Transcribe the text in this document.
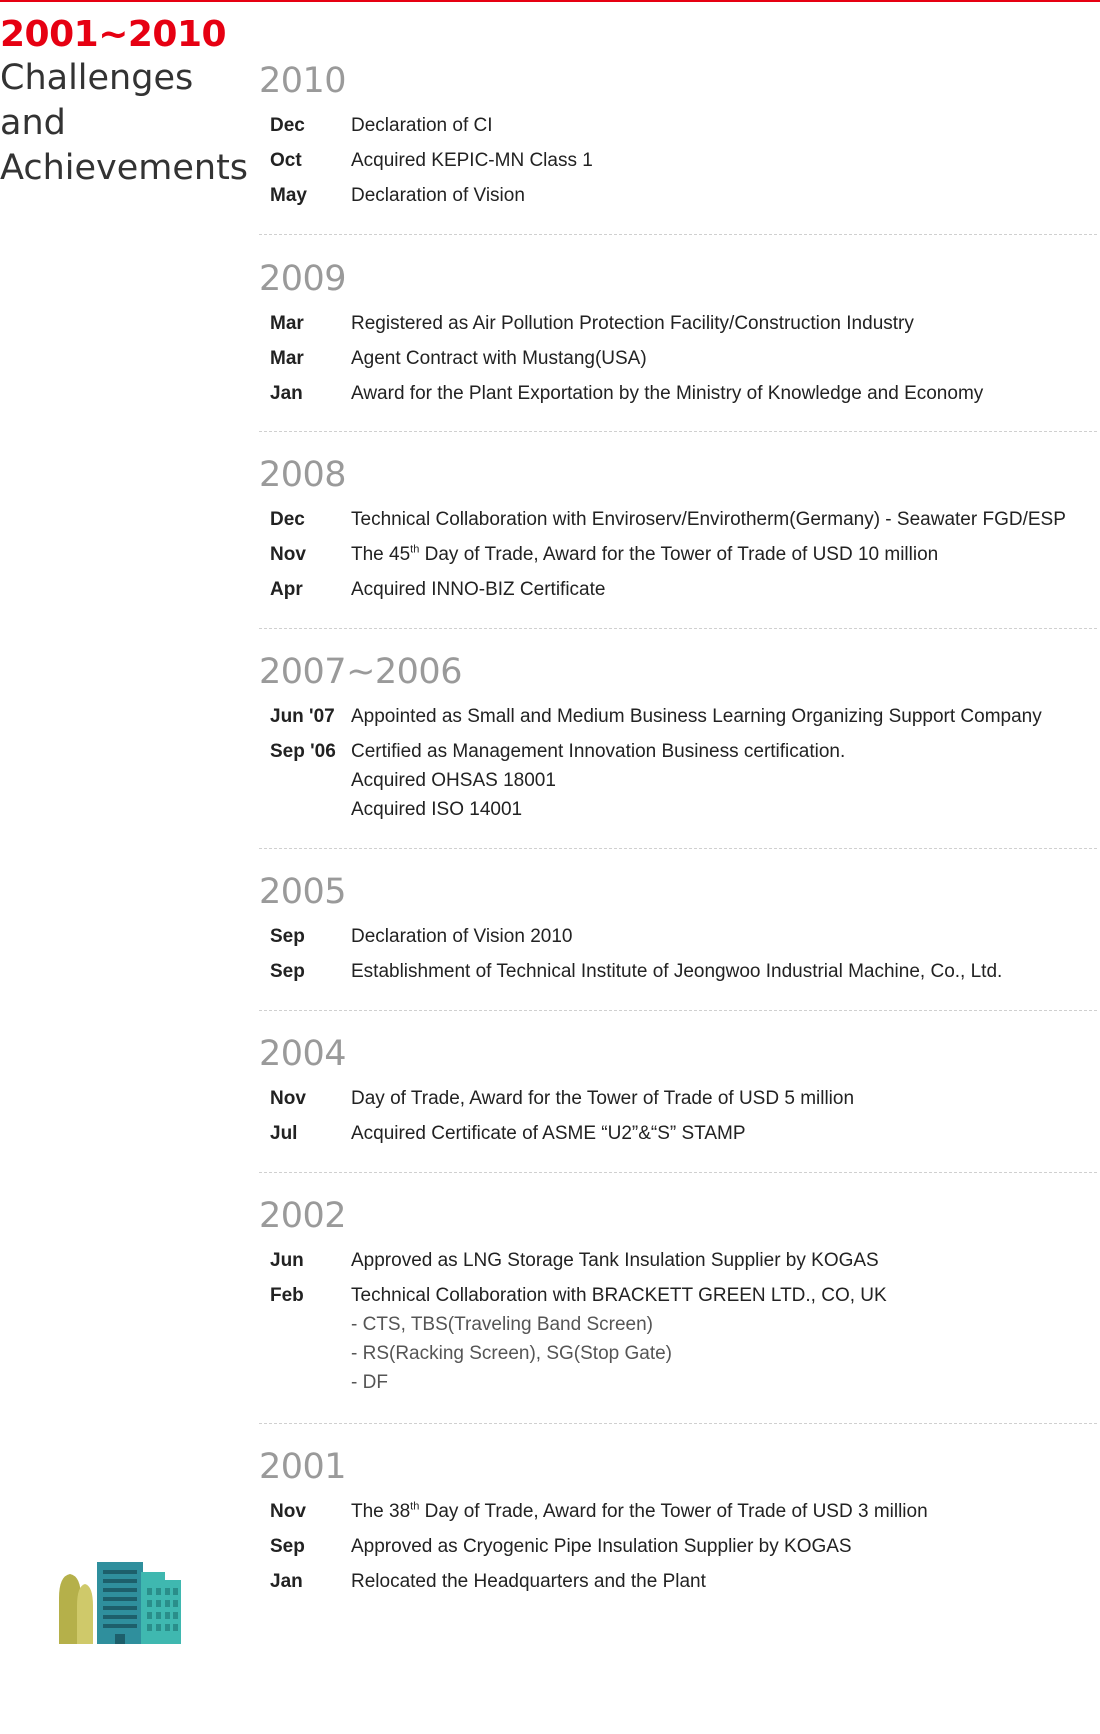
2001~2010
Challenges
and
Achievements
2010
Dec	Declaration of CI
Oct	Acquired KEPIC-MN Class 1
May	Declaration of Vision
2009
Mar	Registered as Air Pollution Protection Facility/Construction Industry
Mar	Agent Contract with Mustang(USA)
Jan	Award for the Plant Exportation by the Ministry of Knowledge and Economy
2008
Dec	Technical Collaboration with Enviroserv/Envirotherm(Germany) - Seawater FGD/ESP
Nov	The 45th Day of Trade, Award for the Tower of Trade of USD 10 million
Apr	Acquired INNO-BIZ Certificate
2007~2006
Jun '07 Appointed as Small and Medium Business Learning Organizing Support Company
Sep '06 Certified as Management Innovation Business certification.
Acquired OHSAS 18001
Acquired ISO 14001
2005
Sep	Declaration of Vision 2010
Sep	Establishment of Technical Institute of Jeongwoo Industrial Machine, Co., Ltd.
2004
Nov	Day of Trade, Award for the Tower of Trade of USD 5 million
Jul	Acquired Certificate of ASME “U2”&“S” STAMP
2002
Jun	Approved as LNG Storage Tank Insulation Supplier by KOGAS
Feb	Technical Collaboration with BRACKETT GREEN LTD., CO, UK
- CTS, TBS(Traveling Band Screen)
- RS(Racking Screen), SG(Stop Gate)
- DF
2001
Nov	The 38th Day of Trade, Award for the Tower of Trade of USD 3 million
Sep	Approved as Cryogenic Pipe Insulation Supplier by KOGAS
Jan	Relocated the Headquarters and the Plant
